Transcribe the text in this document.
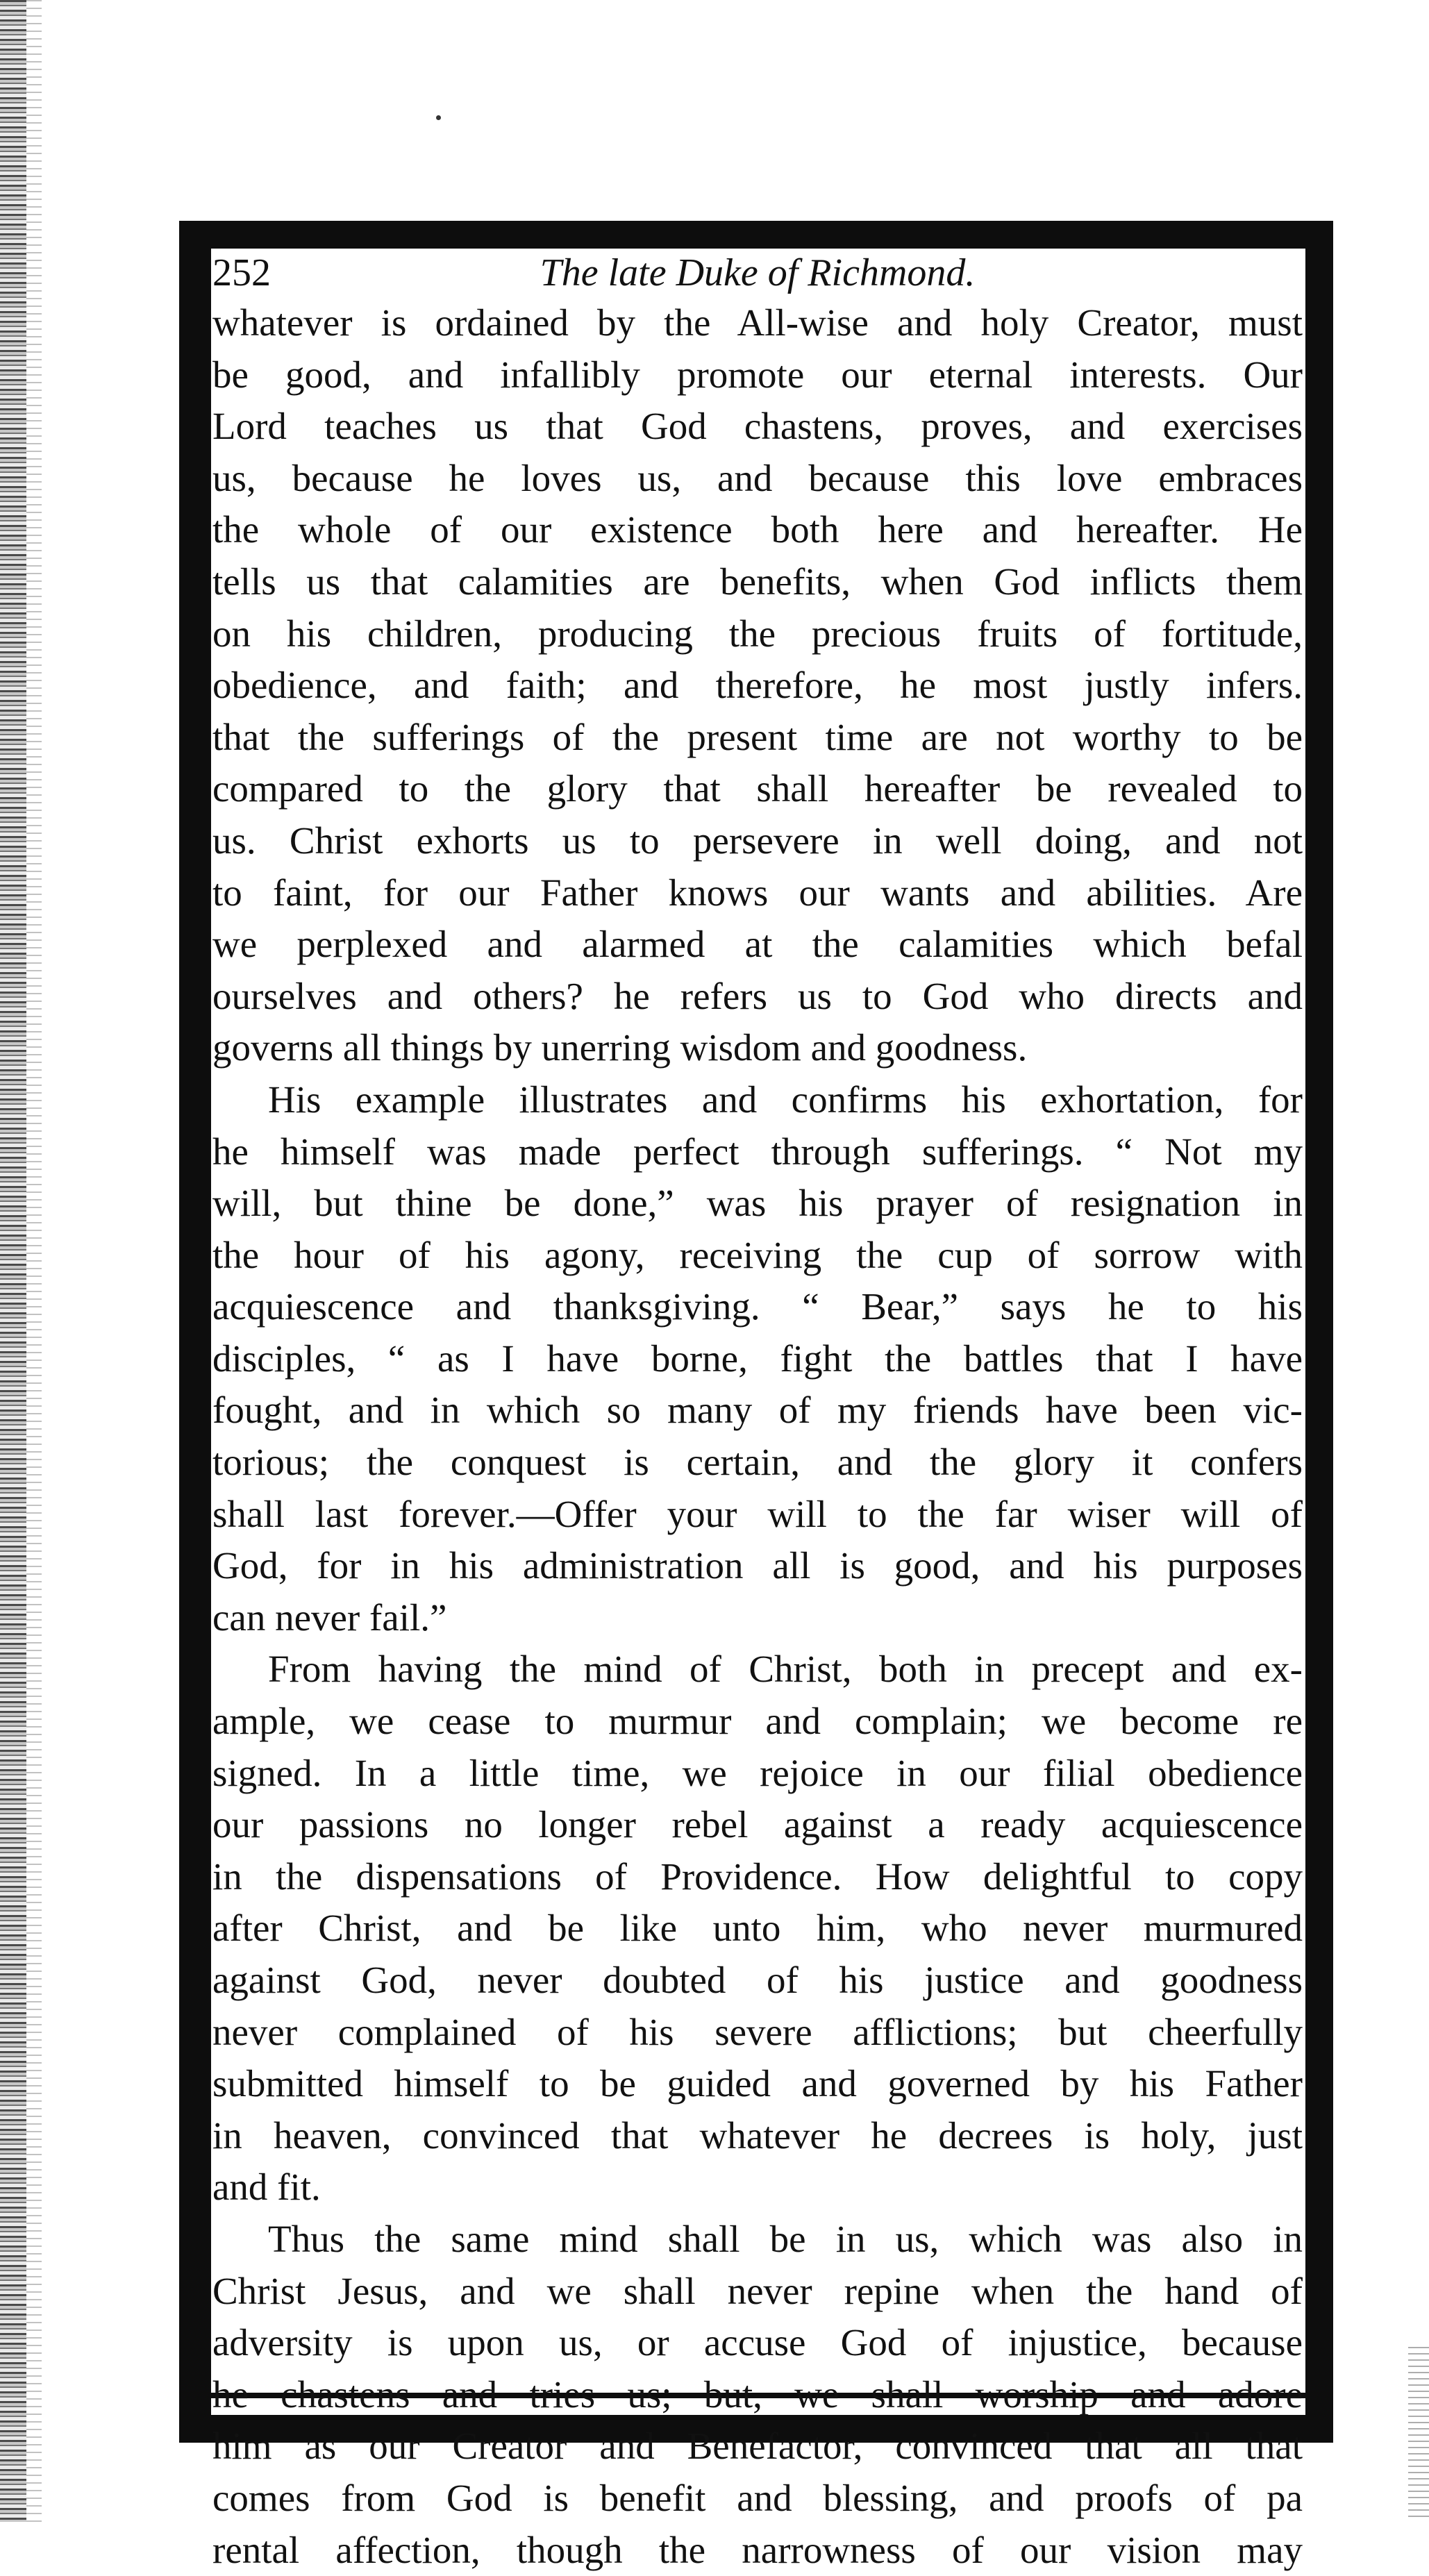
The late Duke of Richmond.
252
whatever is ordained by the All-wise and holy Creator, must
be good, and infallibly promote our eternal interests. Our
Lord teaches us that God chastens, proves, and exercises
us, because he loves us, and because this love embraces
the whole of our existence both here and hereafter. He
tells us that calamities are benefits, when God inflicts them
on his children, producing the precious fruits of fortitude,
obedience, and faith; and therefore, he most justly infers.
that the sufferings of the present time are not worthy to be
compared to the glory that shall hereafter be revealed to
us. Christ exhorts us to persevere in well doing, and not
to faint, for our Father knows our wants and abilities. Are
we perplexed and alarmed at the calamities which befal
ourselves and others? he refers us to God who directs and
governs all things by unerring wisdom and goodness.
His example illustrates and confirms his exhortation, for
he himself was made perfect through sufferings. “ Not my
will, but thine be done,” was his prayer of resignation in
the hour of his agony, receiving the cup of sorrow with
acquiescence and thanksgiving. “ Bear,” says he to his
disciples, “ as I have borne, fight the battles that I have
fought, and in which so many of my friends have been vic-
torious; the conquest is certain, and the glory it confers
shall last forever.—Offer your will to the far wiser will of
God, for in his administration all is good, and his purposes
can never fail.”
From having the mind of Christ, both in precept and ex-
ample, we cease to murmur and complain; we become re
signed. In a little time, we rejoice in our filial obedience
our passions no longer rebel against a ready acquiescence
in the dispensations of Providence. How delightful to copy
after Christ, and be like unto him, who never murmured
against God, never doubted of his justice and goodness
never complained of his severe afflictions; but cheerfully
submitted himself to be guided and governed by his Father
in heaven, convinced that whatever he decrees is holy, just
and fit.
Thus the same mind shall be in us, which was also in
Christ Jesus, and we shall never repine when the hand of
adversity is upon us, or accuse God of injustice, because
he chastens and tries us; but, we shall worship and adore
him as our Creator and Benefactor, convinced that all that
comes from God is benefit and blessing, and proofs of pa
rental affection, though the narrowness of our vision may
